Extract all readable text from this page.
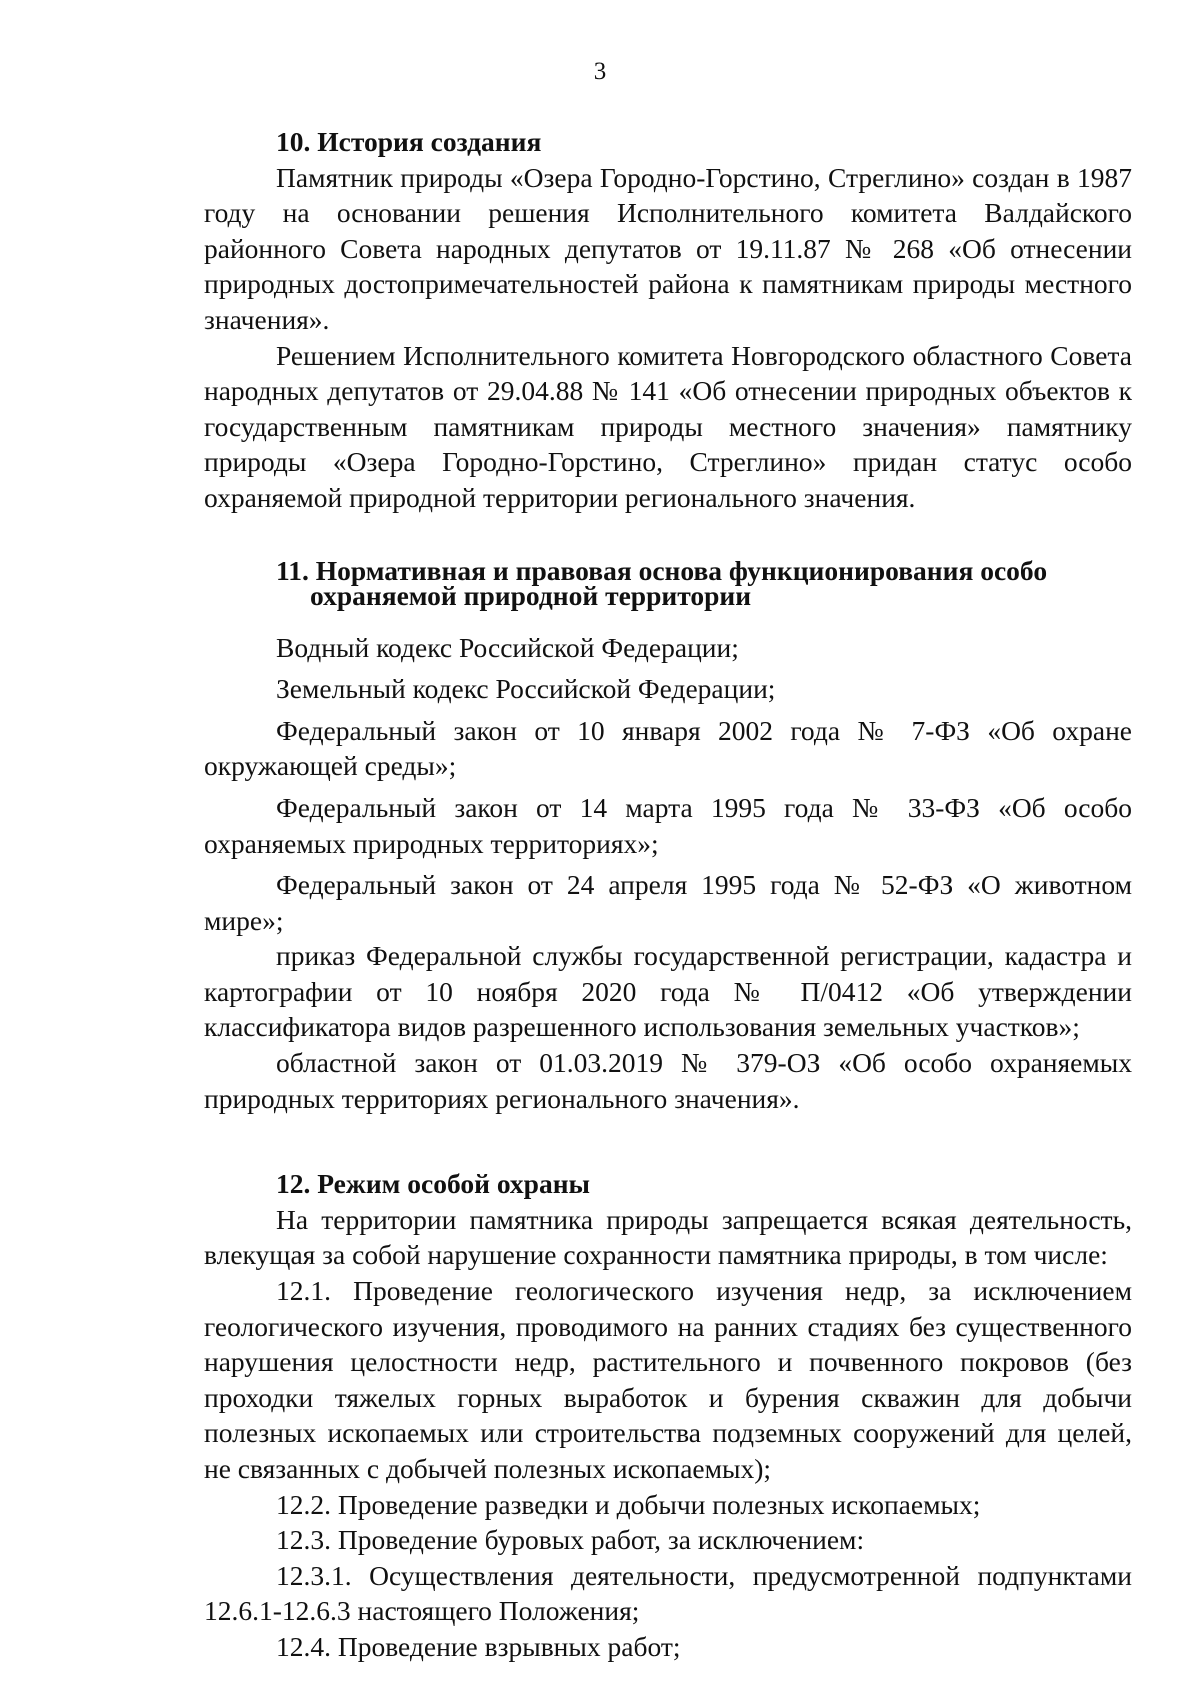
3

10. История создания

Памятник природы «Озера Городно-Горстино, Стреглино» создан в 1987 году на основании решения Исполнительного комитета Валдайского районного Совета народных депутатов от 19.11.87 № 268 «Об отнесении природных достопримечательностей района к памятникам природы местного значения».

Решением Исполнительного комитета Новгородского областного Совета народных депутатов от 29.04.88 № 141 «Об отнесении природных объектов к государственным памятникам природы местного значения» памятнику природы «Озера Городно-Горстино, Стреглино» придан статус особо охраняемой природной территории регионального значения.

11. Нормативная и правовая основа функционирования особо
охраняемой природной территории

Водный кодекс Российской Федерации;

Земельный кодекс Российской Федерации;

Федеральный закон от 10 января 2002 года № 7-ФЗ «Об охране окружающей среды»;

Федеральный закон от 14 марта 1995 года № 33-ФЗ «Об особо охраняемых природных территориях»;

Федеральный закон от 24 апреля 1995 года № 52-ФЗ «О животном мире»;

приказ Федеральной службы государственной регистрации, кадастра и картографии от 10 ноября 2020 года № П/0412 «Об утверждении классификатора видов разрешенного использования земельных участков»;

областной закон от 01.03.2019 № 379-ОЗ «Об особо охраняемых природных территориях регионального значения».

12. Режим особой охраны

На территории памятника природы запрещается всякая деятельность, влекущая за собой нарушение сохранности памятника природы, в том числе:

12.1. Проведение геологического изучения недр, за исключением геологического изучения, проводимого на ранних стадиях без существенного нарушения целостности недр, растительного и почвенного покровов (без проходки тяжелых горных выработок и бурения скважин для добычи полезных ископаемых или строительства подземных сооружений для целей, не связанных с добычей полезных ископаемых);

12.2. Проведение разведки и добычи полезных ископаемых;

12.3. Проведение буровых работ, за исключением:

12.3.1. Осуществления деятельности, предусмотренной подпунктами 12.6.1-12.6.3 настоящего Положения;

12.4. Проведение взрывных работ;
